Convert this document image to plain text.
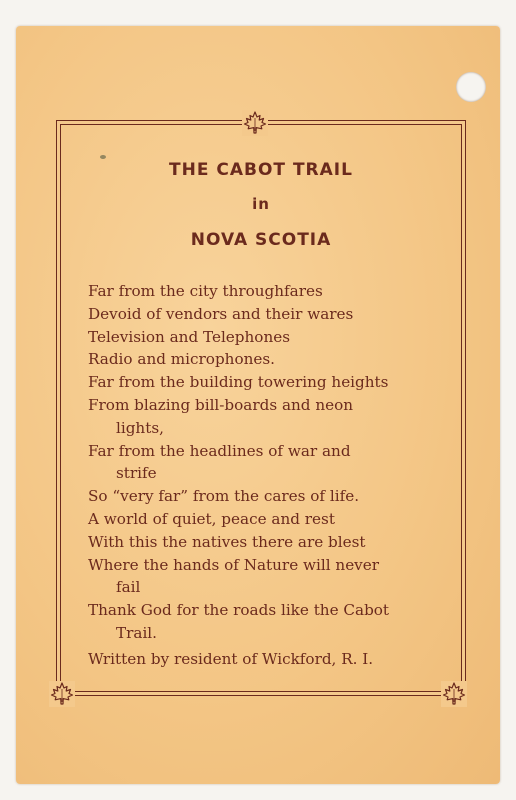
THE CABOT TRAIL
in
NOVA SCOTIA
Far from the city throughfares
Devoid of vendors and their wares
Television and Telephones
Radio and microphones.
Far from the building towering heights
From blazing bill-boards and neon
lights,
Far from the headlines of war and
strife
So “very far” from the cares of life.
A world of quiet, peace and rest
With this the natives there are blest
Where the hands of Nature will never
fail
Thank God for the roads like the Cabot
Trail.
Written by resident of Wickford, R. I.
